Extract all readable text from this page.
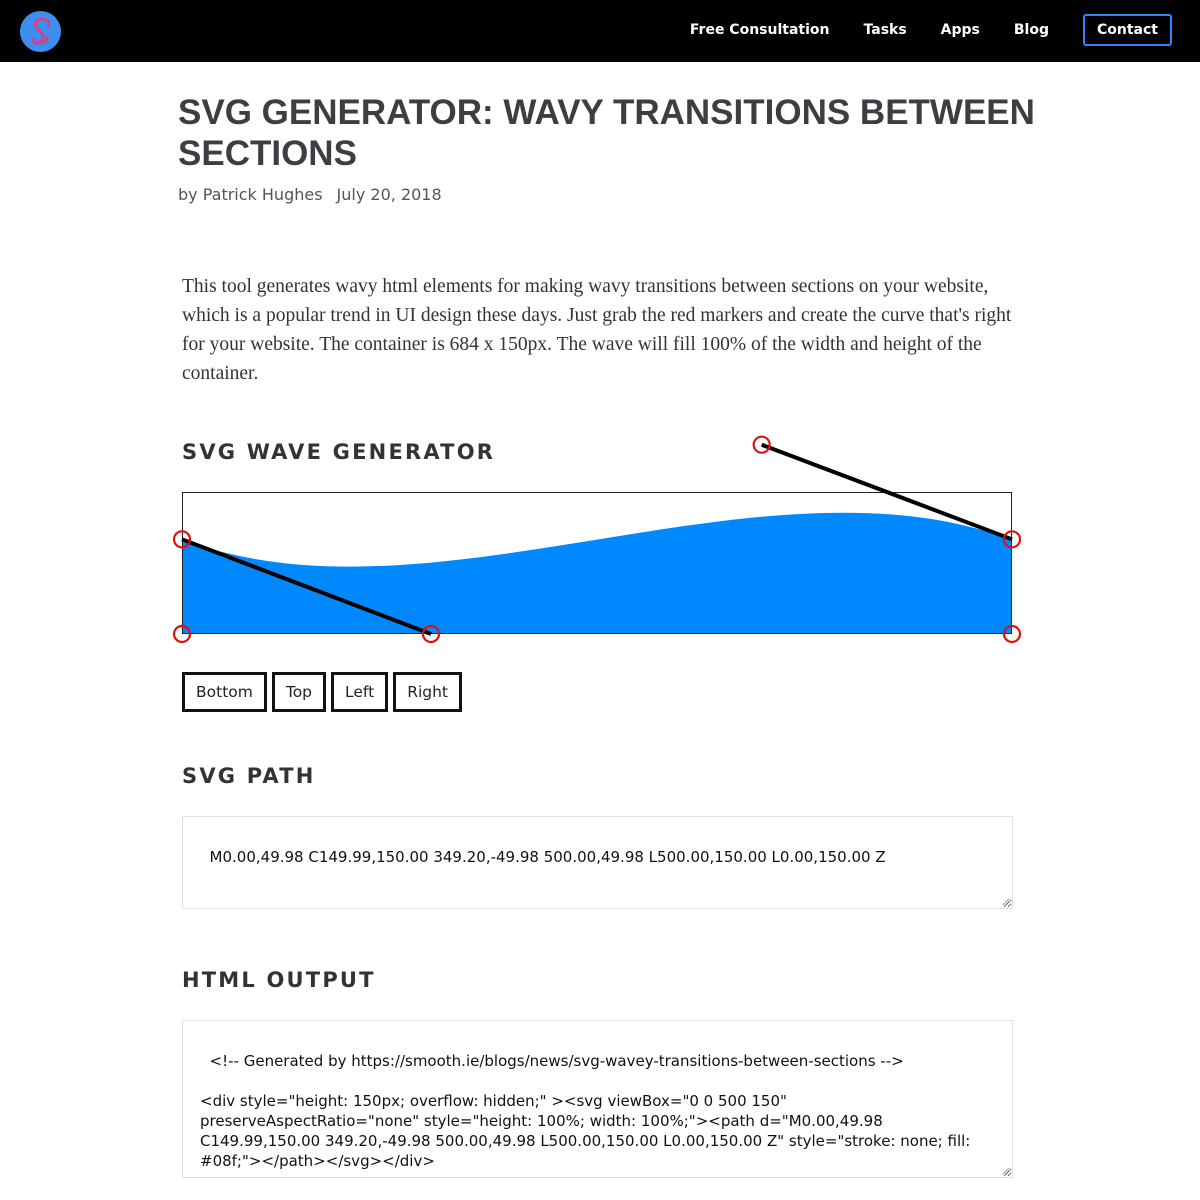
Free Consultation Tasks Apps Blog	Contact
SVG GENERATOR: WAVY TRANSITIONS BETWEEN SECTIONS
by Patrick Hughes July 20, 2018

This tool generates wavy html elements for making wavy transitions between sections on your website, which is a popular trend in UI design these days. Just grab the red markers and create the curve that's right for your website. The container is 684 x 150px. The wave will fill 100% of the width and height of the container.

SVG WAVE GENERATOR
Bottom	Top	Left	Right
SVG PATH

M0.00,49.98 C149.99,150.00 349.20,-49.98 500.00,49.98 L500.00,150.00 L0.00,150.00 Z

HTML OUTPUT

<!-- Generated by https://smooth.ie/blogs/news/svg-wavey-transitions-between-sections -->

<div style="height: 150px; overflow: hidden;" ><svg viewBox="0 0 500 150" preserveAspectRatio="none" style="height: 100%; width: 100%;"><path d="M0.00,49.98 C149.99,150.00 349.20,-49.98 500.00,49.98 L500.00,150.00 L0.00,150.00 Z" style="stroke: none; fill: #08f;"></path></svg></div>
